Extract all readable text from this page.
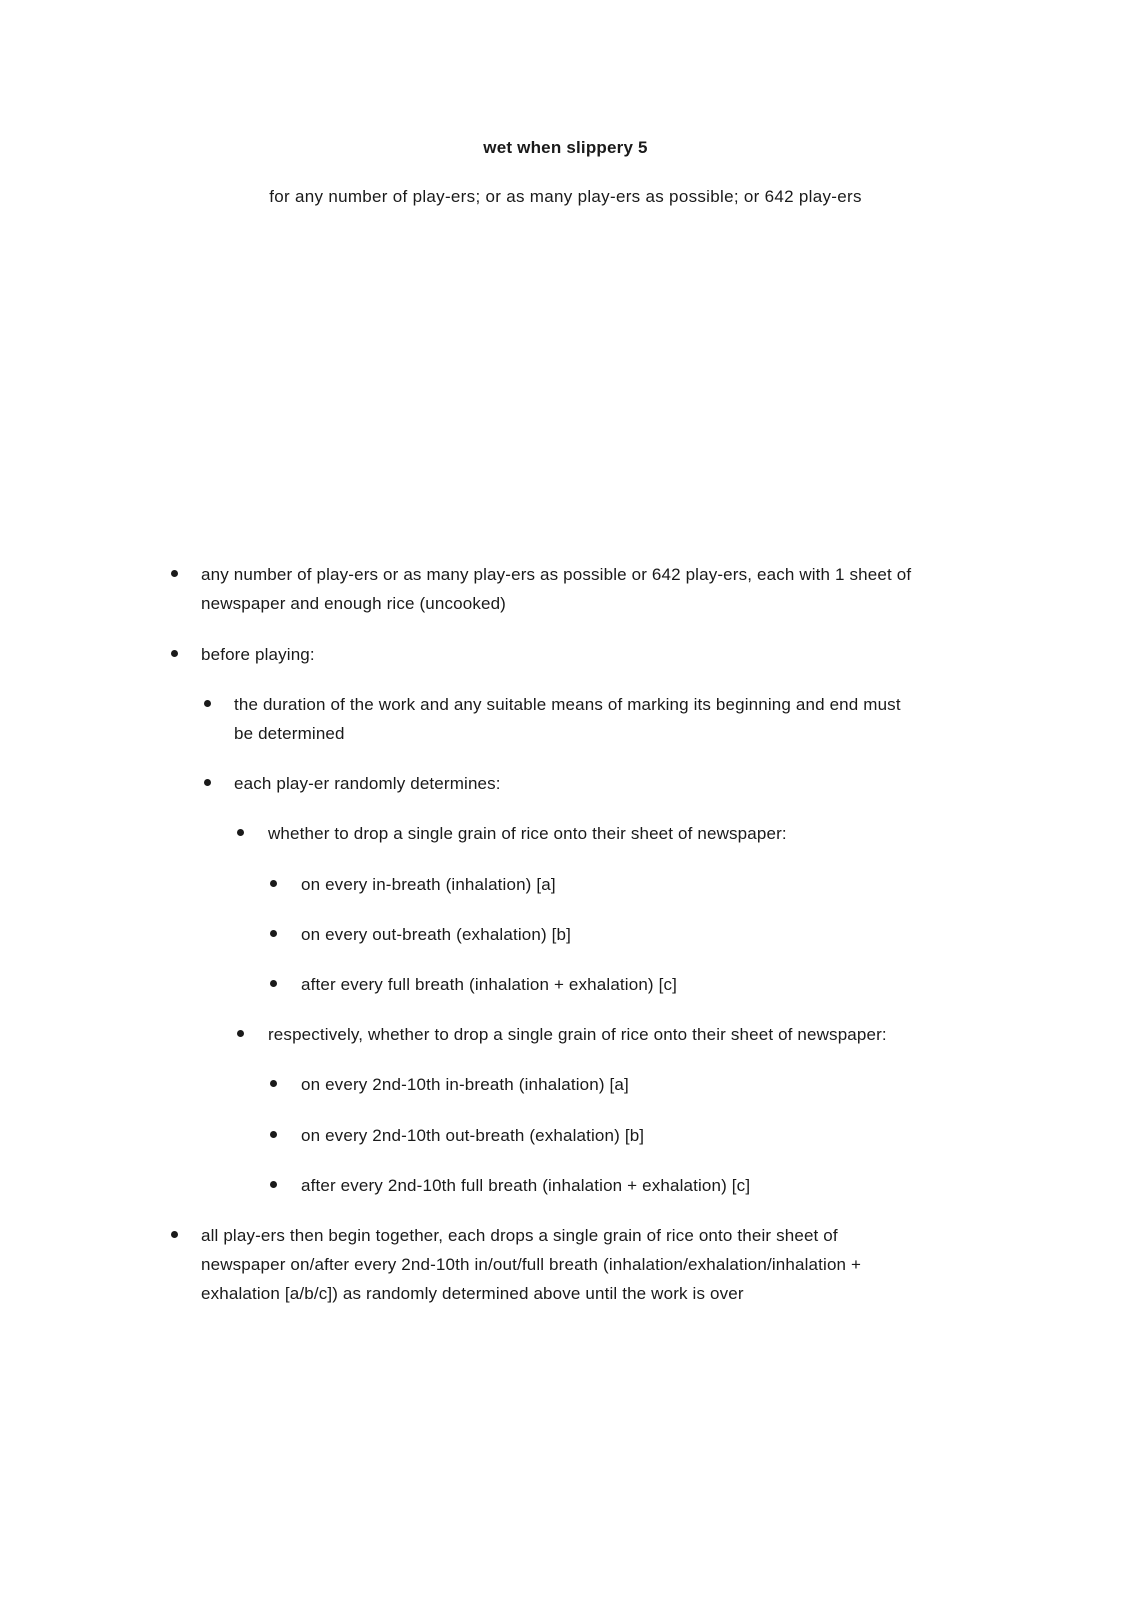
wet when slippery 5
for any number of play-ers; or as many play-ers as possible; or 642 play-ers
any number of play-ers or as many play-ers as possible or 642 play-ers, each with 1 sheet of
newspaper and enough rice (uncooked)
before playing:
the duration of the work and any suitable means of marking its beginning and end must
be determined
each play-er randomly determines:
whether to drop a single grain of rice onto their sheet of newspaper:
on every in-breath (inhalation) [a]
on every out-breath (exhalation) [b]
after every full breath (inhalation + exhalation) [c]
respectively, whether to drop a single grain of rice onto their sheet of newspaper:
on every 2nd-10th in-breath (inhalation) [a]
on every 2nd-10th out-breath (exhalation) [b]
after every 2nd-10th full breath (inhalation + exhalation) [c]
all play-ers then begin together, each drops a single grain of rice onto their sheet of
newspaper on/after every 2nd-10th in/out/full breath (inhalation/exhalation/inhalation +
exhalation [a/b/c]) as randomly determined above until the work is over
